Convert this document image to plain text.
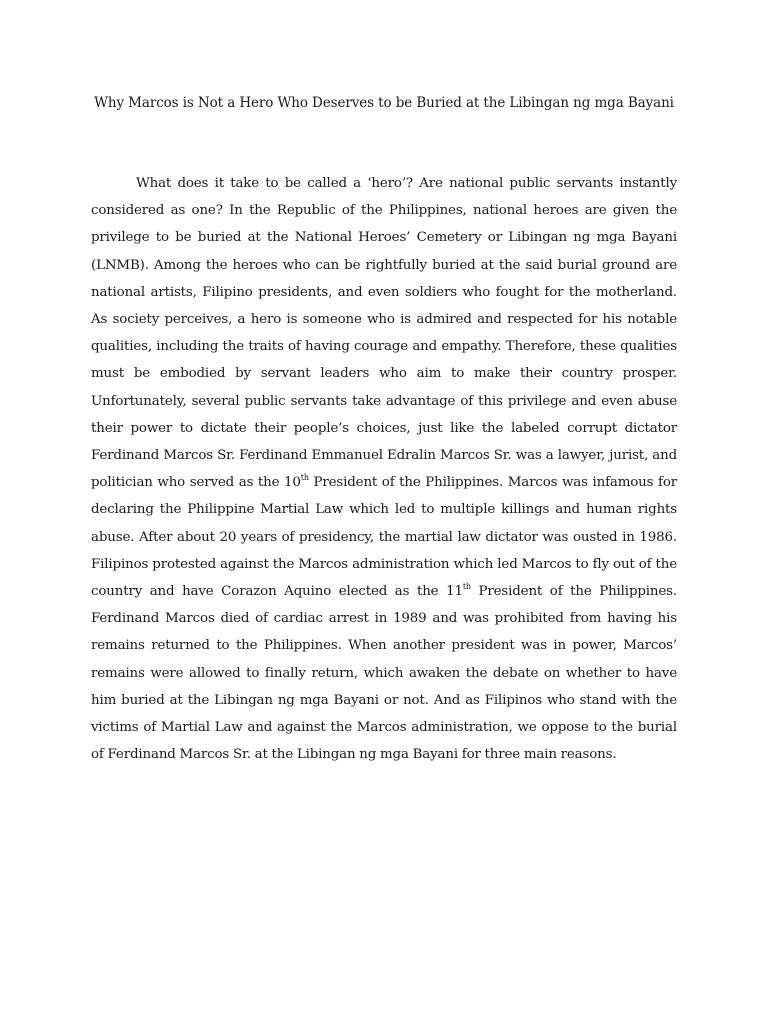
Why Marcos is Not a Hero Who Deserves to be Buried at the Libingan ng mga Bayani

What does it take to be called a ‘hero’? Are national public servants instantly considered as one? In the Republic of the Philippines, national heroes are given the privilege to be buried at the National Heroes’ Cemetery or Libingan ng mga Bayani (LNMB). Among the heroes who can be rightfully buried at the said burial ground are national artists, Filipino presidents, and even soldiers who fought for the motherland. As society perceives, a hero is someone who is admired and respected for his notable qualities, including the traits of having courage and empathy. Therefore, these qualities must be embodied by servant leaders who aim to make their country prosper. Unfortunately, several public servants take advantage of this privilege and even abuse their power to dictate their people’s choices, just like the labeled corrupt dictator Ferdinand Marcos Sr. Ferdinand Emmanuel Edralin Marcos Sr. was a lawyer, jurist, and politician who served as the 10th President of the Philippines. Marcos was infamous for declaring the Philippine Martial Law which led to multiple killings and human rights abuse. After about 20 years of presidency, the martial law dictator was ousted in 1986. Filipinos protested against the Marcos administration which led Marcos to fly out of the country and have Corazon Aquino elected as the 11th President of the Philippines. Ferdinand Marcos died of cardiac arrest in 1989 and was prohibited from having his remains returned to the Philippines. When another president was in power, Marcos’ remains were allowed to finally return, which awaken the debate on whether to have him buried at the Libingan ng mga Bayani or not. And as Filipinos who stand with the victims of Martial Law and against the Marcos administration, we oppose to the burial of Ferdinand Marcos Sr. at the Libingan ng mga Bayani for three main reasons.
